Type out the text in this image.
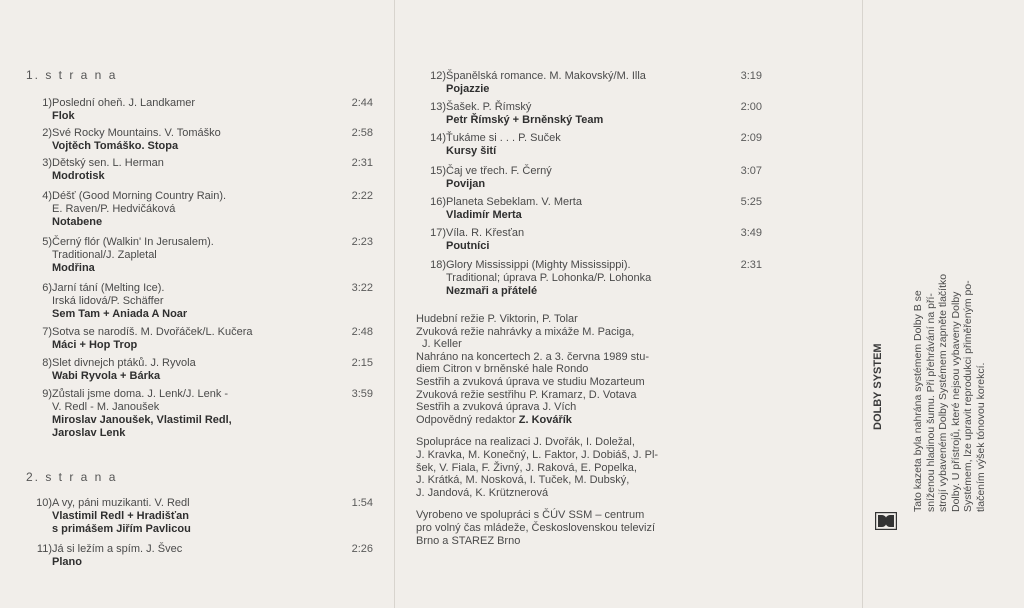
1. s t r a n a
2. s t r a n a
1) Poslední oheň. J. Landkamer
Flok
2:44
2) Své Rocky Mountains. V. Tomáško
Vojtěch Tomáško. Stopa
2:58
3) Dětský sen. L. Herman
Modrotisk
2:31
4) Déšť (Good Morning Country Rain).
E. Raven/P. Hedvičáková
Notabene
2:22
5) Černý flór (Walkin' In Jerusalem).
Traditional/J. Zapletal
Modřina
2:23
6) Jarní tání (Melting Ice).
Irská lidová/P. Schäffer
Sem Tam + Aniada A Noar
3:22
7) Sotva se narodíš. M. Dvořáček/L. Kučera
Máci + Hop Trop
2:48
8) Slet divnejch ptáků. J. Ryvola
Wabi Ryvola + Bárka
2:15
9) Zůstali jsme doma. J. Lenk/J. Lenk -
V. Redl - M. Janoušek
Miroslav Janoušek, Vlastimil Redl,
Jaroslav Lenk
3:59
10) A vy, páni muzikanti. V. Redl
Vlastimil Redl + Hradišťan
s primášem Jiřím Pavlicou
1:54
11) Já si ležím a spím. J. Švec
Plano
2:26
12) Španělská romance. M. Makovský/M. Illa
Pojazzie
3:19
13) Šašek. P. Římský
Petr Římský + Brněnský Team
2:00
14) Ťukáme si . . . P. Suček
Kursy šití
2:09
15) Čaj ve třech. F. Černý
Povijan
3:07
16) Planeta Sebeklam. V. Merta
Vladimír Merta
5:25
17) Víla. R. Křesťan
Poutníci
3:49
18) Glory Mississippi (Mighty Mississippi).
Traditional; úprava P. Lohonka/P. Lohonka
Nezmaři a přátelé
2:31

Hudební režie P. Viktorin, P. Tolar

Zvuková režie nahrávky a mixáže M. Paciga,

J. Keller

Nahráno na koncertech 2. a 3. června 1989 stu-

diem Citron v brněnské hale Rondo

Sestřih a zvuková úprava ve studiu Mozarteum

Zvuková režie sestřihu P. Kramarz, D. Votava

Sestřih a zvuková úprava J. Vích

Odpovědný redaktor Z. Kovářík

Spolupráce na realizaci J. Dvořák, I. Doležal,

J. Kravka, M. Konečný, L. Faktor, J. Dobiáš, J. Pl-

šek, V. Fiala, F. Živný, J. Raková, E. Popelka,

J. Krátká, M. Nosková, I. Tuček, M. Dubský,

J. Jandová, K. Krütznerová

Vyrobeno ve spolupráci s ČÚV SSM – centrum

pro volný čas mládeže, Československou televizí

Brno a STAREZ Brno

DOLBY SYSTEM	Tato kazeta byla nahrána systémem Dolby B se sníženou hladinou šumu. Při přehrávání na pří- strojí vybaveném Dolby Systémem zapněte tlačítko Dolby. U přístrojů, které nejsou vybaveny Dolby Systémem, lze upravit reprodukci přiměřeným po- tlačením výšek tónovou korekcí.
